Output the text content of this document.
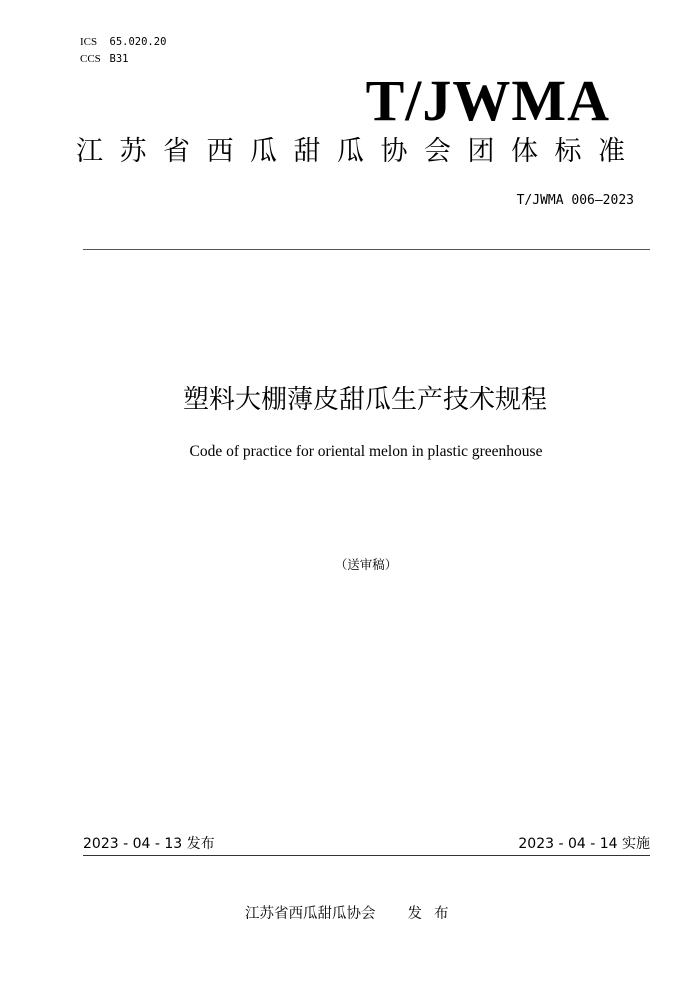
ICS 65.020.20
CCS B31
T/JWMA
江苏省西瓜甜瓜协会团体标准
T/JWMA 006—2023
塑料大棚薄皮甜瓜生产技术规程
Code of practice for oriental melon in plastic greenhouse
（送审稿）
2023 - 04 - 13 发布	2023 - 04 - 14 实施
江苏省西瓜甜瓜协会 发布
